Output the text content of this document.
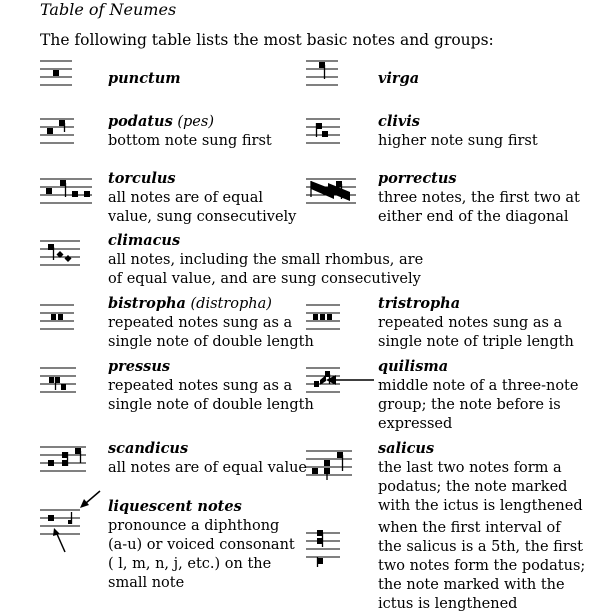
Table of Neumes
The following table lists the most basic notes and groups:
punctum	virga
podatus (pes)
bottom note sung first
clivis
higher note sung first
torculus
all notes are of equal
value, sung consecutively
porrectus
three notes, the first two at
either end of the diagonal
climacus
all notes, including the small rhombus, are
of equal value, and are sung consecutively
bistropha (distropha)
repeated notes sung as a
single note of double length
tristropha
repeated notes sung as a
single note of triple length
pressus
repeated notes sung as a
single note of double length
quilisma
middle note of a three-note
group; the note before is
expressed
scandicus
all notes are of equal value
salicus
the last two notes form a
podatus; the note marked
with the ictus is lengthened
liquescent notes
pronounce a diphthong
(a-u) or voiced consonant
( l, m, n, j, etc.) on the
small note
when the first interval of
the salicus is a 5th, the first
two notes form the podatus;
the note marked with the
ictus is lengthened
